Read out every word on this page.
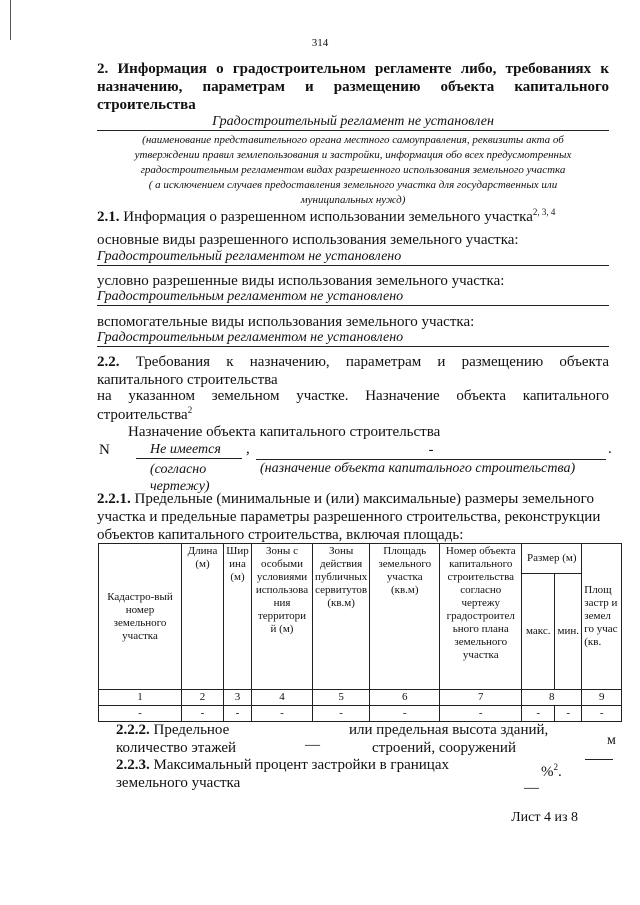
314
2. Информация о градостроительном регламенте либо, требованиях к
назначению, параметрам и размещению объекта капитального
строительства
Градостроительный регламент не установлен
(наименование представительного органа местного самоуправления, реквизиты акта об
утверждении правил землепользования и застройки, информация обо всех предусмотренных
градостроительным регламентом видах разрешенного использования земельного участка
( а исключением случаев предоставления земельного участка для государственных или
муниципальных нужд)
2.1. Информация о разрешенном использовании земельного участка$^{2, 3, 4}$
основные виды разрешенного использования земельного участка:
Градостроительный регламентом не установлено
условно разрешенные виды использования земельного участка:
Градостроительным регламентом не установлено
вспомогательные виды использования земельного участка:
Градостроительным регламентом не установлено
2.2. Требования к назначению, параметрам и размещению объекта
капитального строительства
на указанном земельном участке. Назначение объекта капитального
строительства$^2$
Назначение объекта капитального строительства
N	Не имеется	,	-	.
(согласно
чертежу)
(назначение объекта капитального строительства)
2.2.1. Предельные (минимальные и (или) максимальные) размеры земельного
участка и предельные параметры разрешенного строительства, реконструкции
объектов капитального строительства, включая площадь:
Кадастро-вый номер земельного участка	Длина (м)	Шир ина (м)	Зоны с особыми условиями использова ния территори й (м)	Зоны действия публичных сервитутов (кв.м)	Площадь земельного участка (кв.м)	Номер объекта капитального строительства согласно чертежу градостроител ьного плана земельного участка	Размер (м)		Площ застр и земел го учас (кв.
							макс.	мин.	
1	2	3	4	5	6	7	8		9
-	-	-	-	-	-	-	-	-	-
2.2.2. Предельное
количество этажей	—
или предельная высота зданий,
строений, сооружений	м
2.2.3. Максимальный процент застройки в границах
земельного участка
%$^2$.
—
Лист 4 из 8
